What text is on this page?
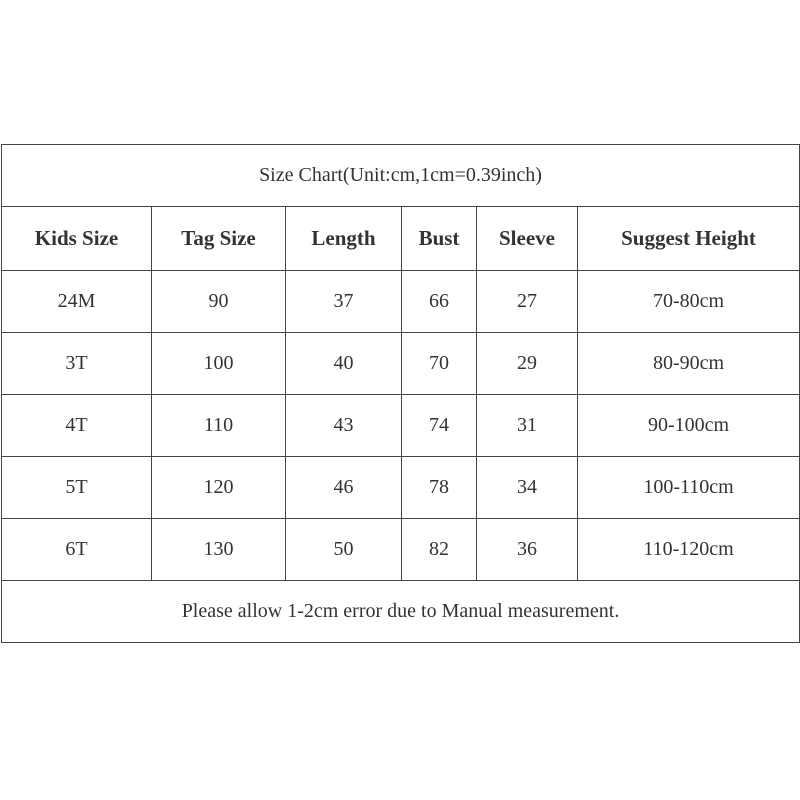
Size Chart(Unit:cm,1cm=0.39inch)					
Kids Size	Tag Size	Length	Bust	Sleeve	Suggest Height
24M	90	37	66	27	70-80cm
3T	100	40	70	29	80-90cm
4T	110	43	74	31	90-100cm
5T	120	46	78	34	100-110cm
6T	130	50	82	36	110-120cm
Please allow 1-2cm error due to Manual measurement.					
